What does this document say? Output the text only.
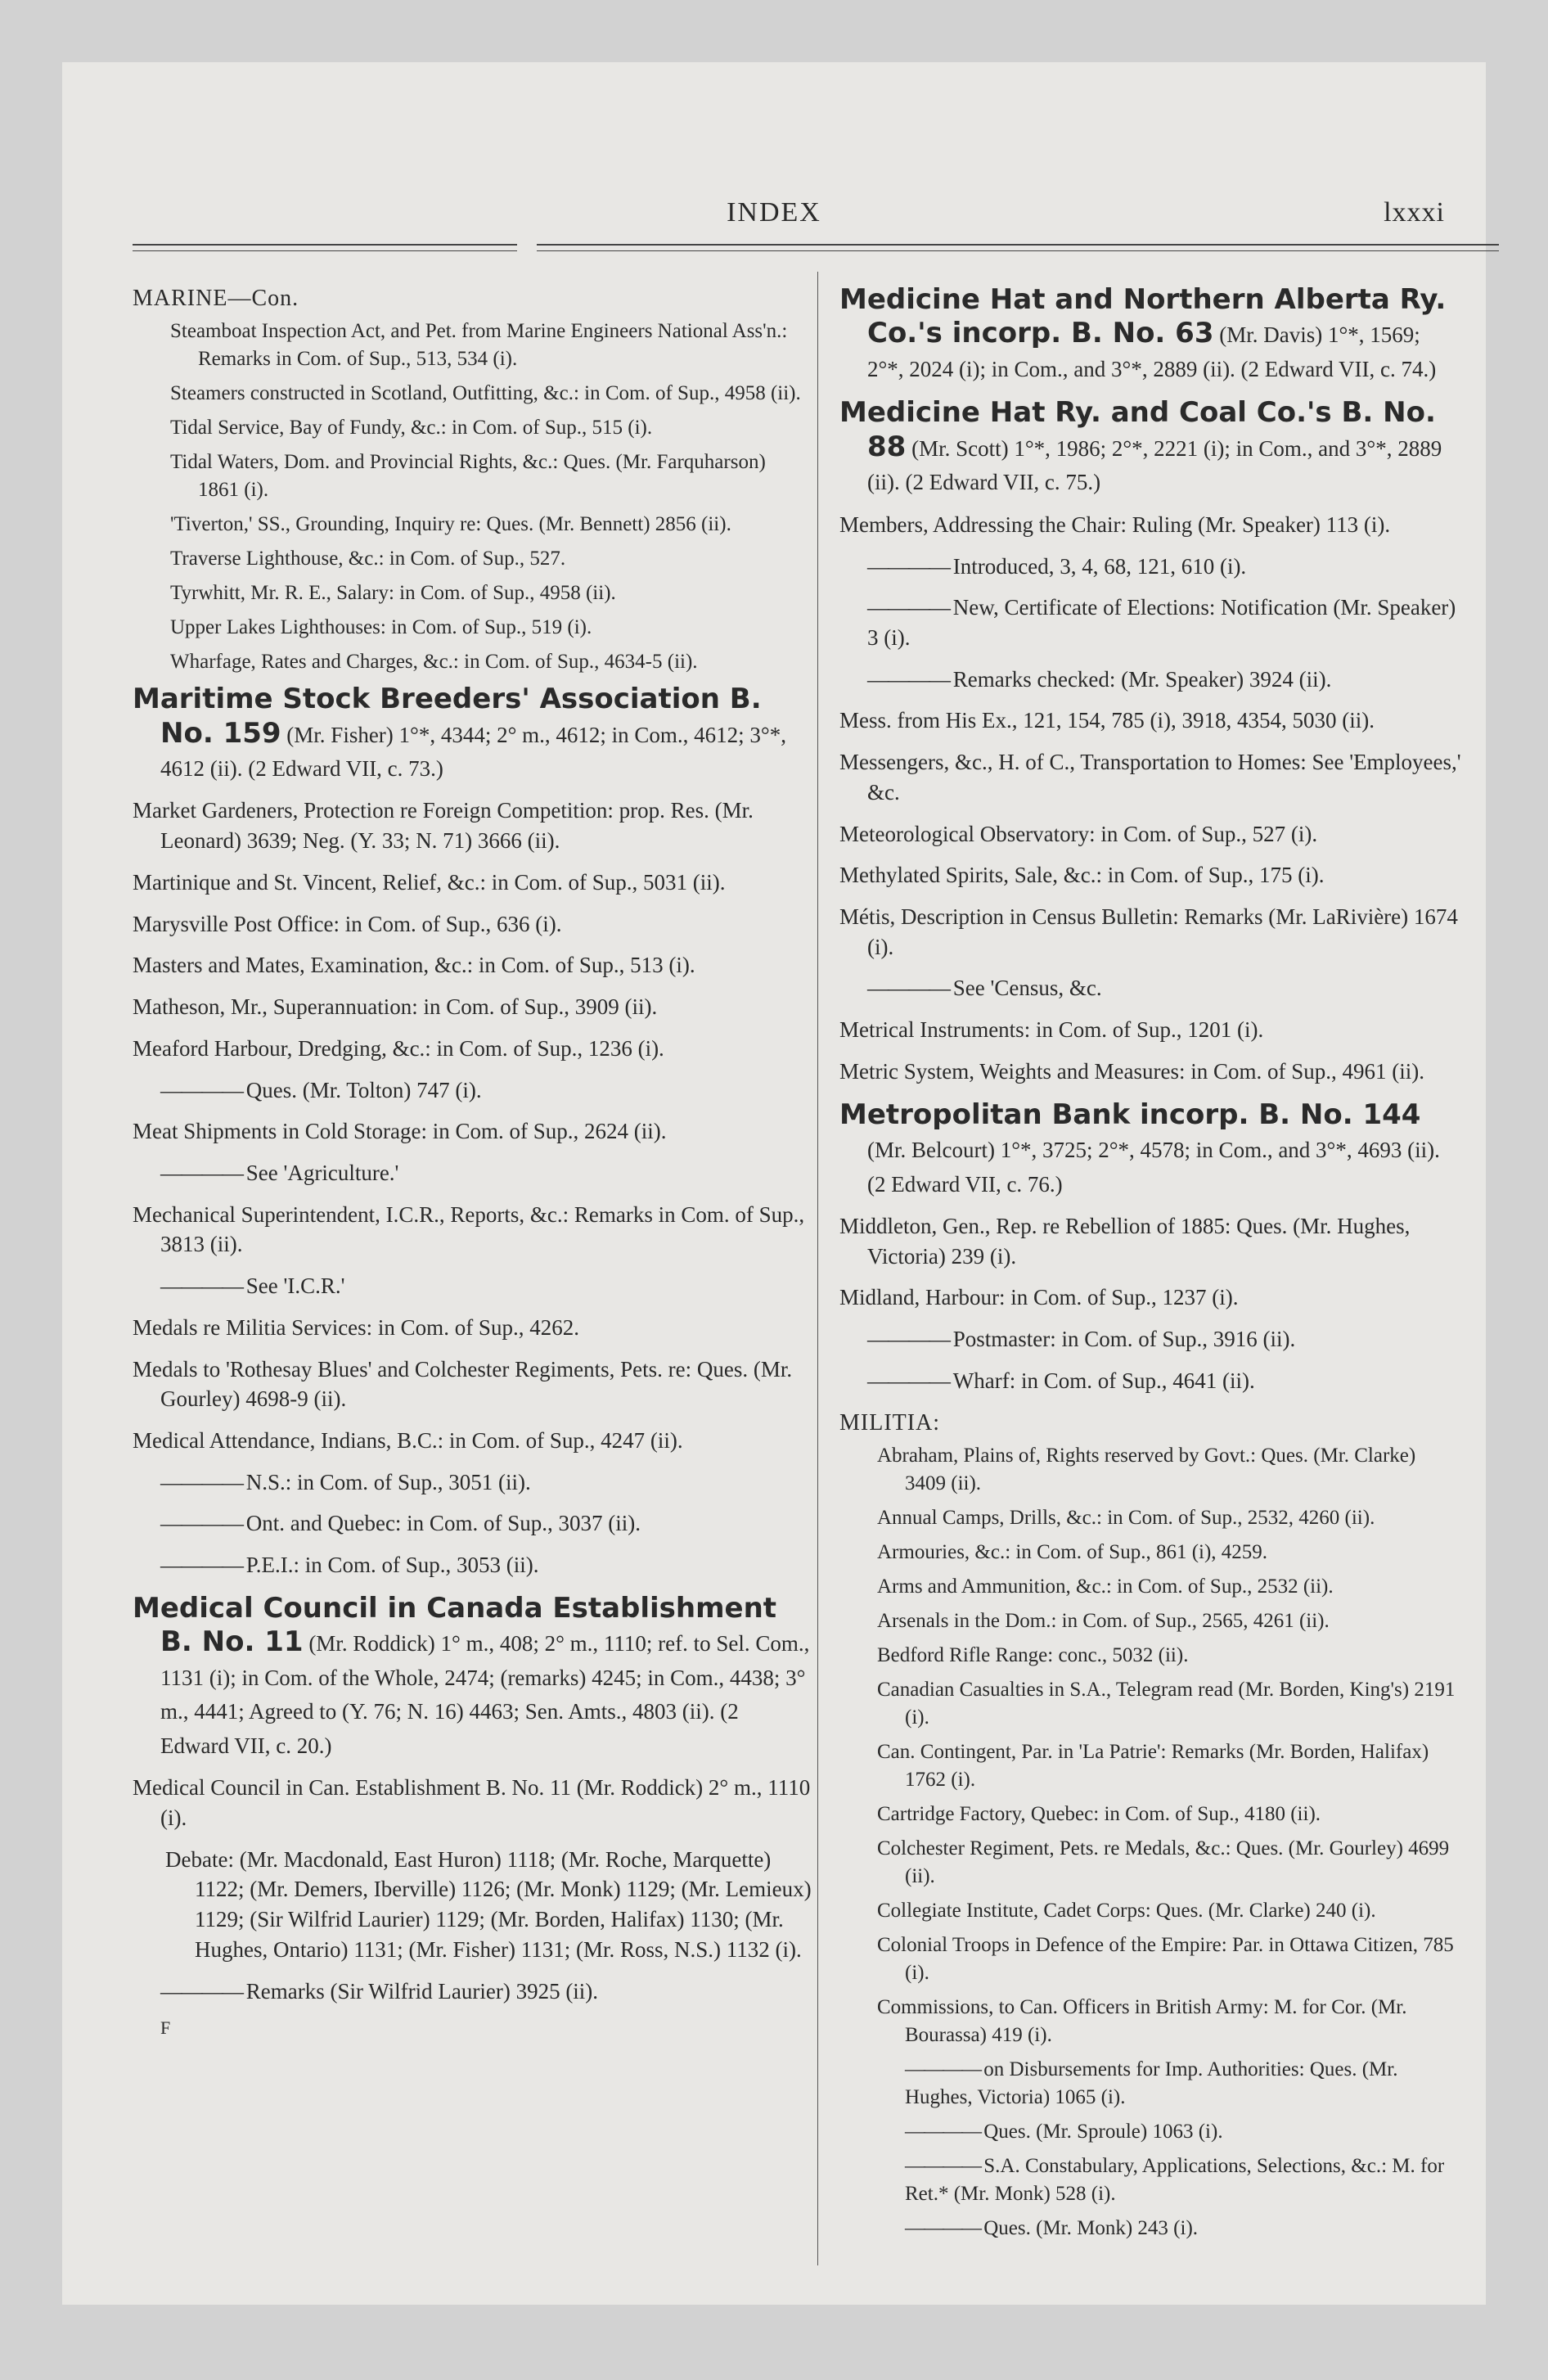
INDEX	lxxxi
MARINE—Con.
Steamboat Inspection Act, and Pet. from Marine Engineers National Ass'n.: Remarks in Com. of Sup., 513, 534 (i).
Steamers constructed in Scotland, Outfitting, &c.: in Com. of Sup., 4958 (ii).
Tidal Service, Bay of Fundy, &c.: in Com. of Sup., 515 (i).
Tidal Waters, Dom. and Provincial Rights, &c.: Ques. (Mr. Farquharson) 1861 (i).
'Tiverton,' SS., Grounding, Inquiry re: Ques. (Mr. Bennett) 2856 (ii).
Traverse Lighthouse, &c.: in Com. of Sup., 527.
Tyrwhitt, Mr. R. E., Salary: in Com. of Sup., 4958 (ii).
Upper Lakes Lighthouses: in Com. of Sup., 519 (i).
Wharfage, Rates and Charges, &c.: in Com. of Sup., 4634-5 (ii).
Maritime Stock Breeders' Association B. No. 159 (Mr. Fisher) 1°*, 4344; 2° m., 4612; in Com., 4612; 3°*, 4612 (ii). (2 Edward VII, c. 73.)
Market Gardeners, Protection re Foreign Competition: prop. Res. (Mr. Leonard) 3639; Neg. (Y. 33; N. 71) 3666 (ii).
Martinique and St. Vincent, Relief, &c.: in Com. of Sup., 5031 (ii).
Marysville Post Office: in Com. of Sup., 636 (i).
Masters and Mates, Examination, &c.: in Com. of Sup., 513 (i).
Matheson, Mr., Superannuation: in Com. of Sup., 3909 (ii).
Meaford Harbour, Dredging, &c.: in Com. of Sup., 1236 (i).
———— Ques. (Mr. Tolton) 747 (i).
Meat Shipments in Cold Storage: in Com. of Sup., 2624 (ii).
———— See 'Agriculture.'
Mechanical Superintendent, I.C.R., Reports, &c.: Remarks in Com. of Sup., 3813 (ii).
———— See 'I.C.R.'
Medals re Militia Services: in Com. of Sup., 4262.
Medals to 'Rothesay Blues' and Colchester Regiments, Pets. re: Ques. (Mr. Gourley) 4698-9 (ii).
Medical Attendance, Indians, B.C.: in Com. of Sup., 4247 (ii).
———— N.S.: in Com. of Sup., 3051 (ii).
———— Ont. and Quebec: in Com. of Sup., 3037 (ii).
———— P.E.I.: in Com. of Sup., 3053 (ii).
Medical Council in Canada Establishment B. No. 11 (Mr. Roddick) 1° m., 408; 2° m., 1110; ref. to Sel. Com., 1131 (i); in Com. of the Whole, 2474; (remarks) 4245; in Com., 4438; 3° m., 4441; Agreed to (Y. 76; N. 16) 4463; Sen. Amts., 4803 (ii). (2 Edward VII, c. 20.)
Medical Council in Can. Establishment B. No. 11 (Mr. Roddick) 2° m., 1110 (i).
Debate: (Mr. Macdonald, East Huron) 1118; (Mr. Roche, Marquette) 1122; (Mr. Demers, Iberville) 1126; (Mr. Monk) 1129; (Mr. Lemieux) 1129; (Sir Wilfrid Laurier) 1129; (Mr. Borden, Halifax) 1130; (Mr. Hughes, Ontario) 1131; (Mr. Fisher) 1131; (Mr. Ross, N.S.) 1132 (i).
———— Remarks (Sir Wilfrid Laurier) 3925 (ii).
F
Medicine Hat and Northern Alberta Ry. Co.'s incorp. B. No. 63 (Mr. Davis) 1°*, 1569; 2°*, 2024 (i); in Com., and 3°*, 2889 (ii). (2 Edward VII, c. 74.)
Medicine Hat Ry. and Coal Co.'s B. No. 88 (Mr. Scott) 1°*, 1986; 2°*, 2221 (i); in Com., and 3°*, 2889 (ii). (2 Edward VII, c. 75.)
Members, Addressing the Chair: Ruling (Mr. Speaker) 113 (i).
———— Introduced, 3, 4, 68, 121, 610 (i).
———— New, Certificate of Elections: Notification (Mr. Speaker) 3 (i).
———— Remarks checked: (Mr. Speaker) 3924 (ii).
Mess. from His Ex., 121, 154, 785 (i), 3918, 4354, 5030 (ii).
Messengers, &c., H. of C., Transportation to Homes: See 'Employees,' &c.
Meteorological Observatory: in Com. of Sup., 527 (i).
Methylated Spirits, Sale, &c.: in Com. of Sup., 175 (i).
Métis, Description in Census Bulletin: Remarks (Mr. LaRivière) 1674 (i).
———— See 'Census, &c.
Metrical Instruments: in Com. of Sup., 1201 (i).
Metric System, Weights and Measures: in Com. of Sup., 4961 (ii).
Metropolitan Bank incorp. B. No. 144 (Mr. Belcourt) 1°*, 3725; 2°*, 4578; in Com., and 3°*, 4693 (ii). (2 Edward VII, c. 76.)
Middleton, Gen., Rep. re Rebellion of 1885: Ques. (Mr. Hughes, Victoria) 239 (i).
Midland, Harbour: in Com. of Sup., 1237 (i).
———— Postmaster: in Com. of Sup., 3916 (ii).
———— Wharf: in Com. of Sup., 4641 (ii).
MILITIA:
Abraham, Plains of, Rights reserved by Govt.: Ques. (Mr. Clarke) 3409 (ii).
Annual Camps, Drills, &c.: in Com. of Sup., 2532, 4260 (ii).
Armouries, &c.: in Com. of Sup., 861 (i), 4259.
Arms and Ammunition, &c.: in Com. of Sup., 2532 (ii).
Arsenals in the Dom.: in Com. of Sup., 2565, 4261 (ii).
Bedford Rifle Range: conc., 5032 (ii).
Canadian Casualties in S.A., Telegram read (Mr. Borden, King's) 2191 (i).
Can. Contingent, Par. in 'La Patrie': Remarks (Mr. Borden, Halifax) 1762 (i).
Cartridge Factory, Quebec: in Com. of Sup., 4180 (ii).
Colchester Regiment, Pets. re Medals, &c.: Ques. (Mr. Gourley) 4699 (ii).
Collegiate Institute, Cadet Corps: Ques. (Mr. Clarke) 240 (i).
Colonial Troops in Defence of the Empire: Par. in Ottawa Citizen, 785 (i).
Commissions, to Can. Officers in British Army: M. for Cor. (Mr. Bourassa) 419 (i).
———— on Disbursements for Imp. Authorities: Ques. (Mr. Hughes, Victoria) 1065 (i).
———— Ques. (Mr. Sproule) 1063 (i).
———— S.A. Constabulary, Applications, Selections, &c.: M. for Ret.* (Mr. Monk) 528 (i).
———— Ques. (Mr. Monk) 243 (i).
